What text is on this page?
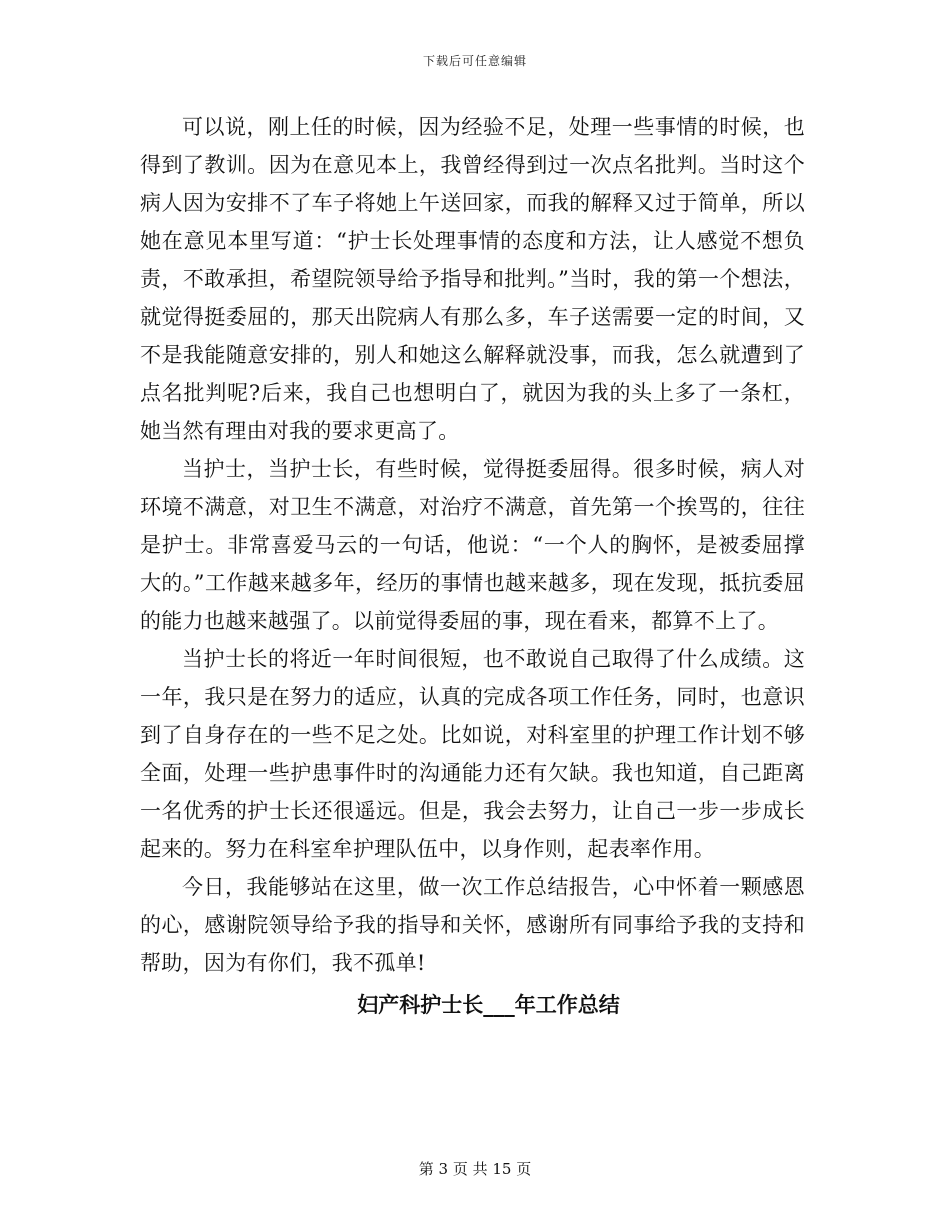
下载后可任意编辑

可以说，刚上任的时候，因为经验不足，处理一些事情的时候，也得到了教训。因为在意见本上，我曾经得到过一次点名批判。当时这个病人因为安排不了车子将她上午送回家，而我的解释又过于简单，所以她在意见本里写道：“护士长处理事情的态度和方法，让人感觉不想负责，不敢承担，希望院领导给予指导和批判。”当时，我的第一个想法，就觉得挺委屈的，那天出院病人有那么多，车子送需要一定的时间，又不是我能随意安排的，别人和她这么解释就没事，而我，怎么就遭到了点名批判呢?后来，我自己也想明白了，就因为我的头上多了一条杠，她当然有理由对我的要求更高了。

当护士，当护士长，有些时候，觉得挺委屈得。很多时候，病人对环境不满意，对卫生不满意，对治疗不满意，首先第一个挨骂的，往往是护士。非常喜爱马云的一句话，他说：“一个人的胸怀，是被委屈撑大的。”工作越来越多年，经历的事情也越来越多，现在发现，抵抗委屈的能力也越来越强了。以前觉得委屈的事，现在看来，都算不上了。

当护士长的将近一年时间很短，也不敢说自己取得了什么成绩。这一年，我只是在努力的适应，认真的完成各项工作任务，同时，也意识到了自身存在的一些不足之处。比如说，对科室里的护理工作计划不够全面，处理一些护患事件时的沟通能力还有欠缺。我也知道，自己距离一名优秀的护士长还很遥远。但是，我会去努力，让自己一步一步成长起来的。努力在科室牟护理队伍中，以身作则，起表率作用。

今日，我能够站在这里，做一次工作总结报告，心中怀着一颗感恩的心，感谢院领导给予我的指导和关怀，感谢所有同事给予我的支持和帮助，因为有你们，我不孤单!

妇产科护士长___年工作总结

第 3 页 共 15 页
